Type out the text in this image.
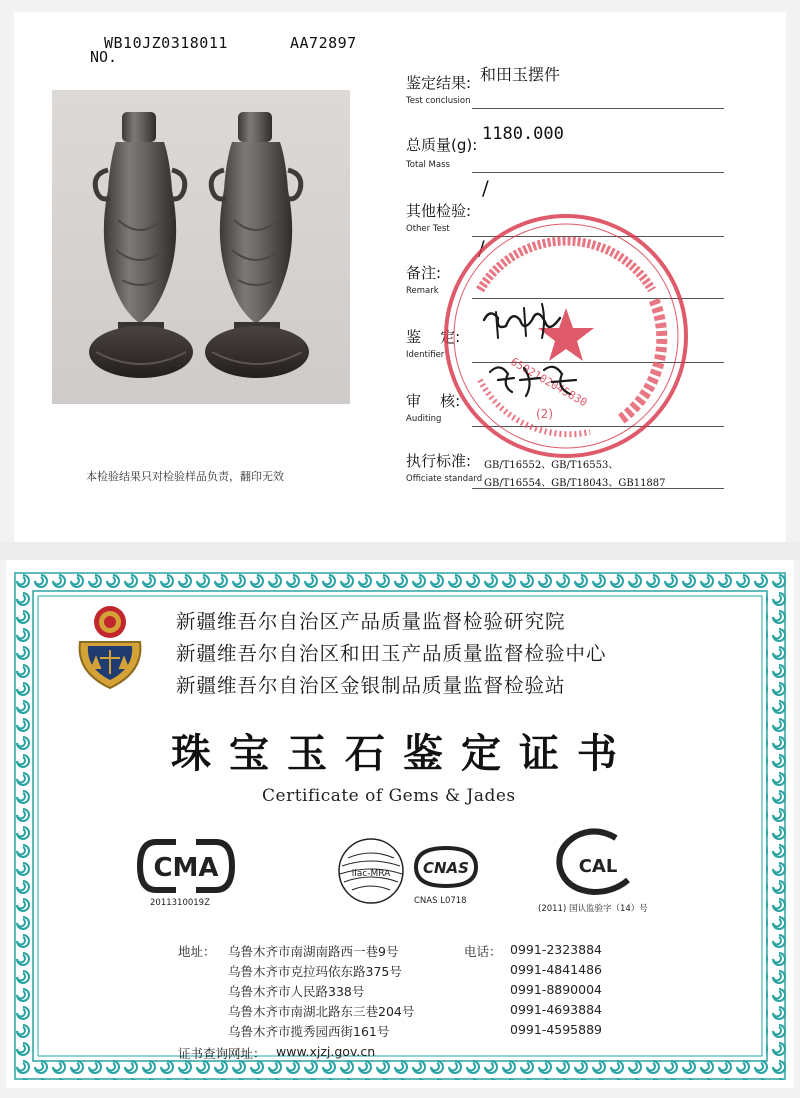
WB10JZ0318011	AA72897
NO.
本检验结果只对检验样品负责，翻印无效
鉴定结果:
Test conclusion
和田玉摆件
总质量(g):
Total Mass
1180.000
其他检验:
Other Test
/
备注:
Remark
/
鉴    定:
Identifier
审    核:
Auditing
执行标准:
Officiate standard
GB/T16552、GB/T16553、
GB/T16554、GB/T18043、GB11887
6502102045830
(2)
新疆维吾尔自治区产品质量监督检验研究院
新疆维吾尔自治区和田玉产品质量监督检验中心
新疆维吾尔自治区金银制品质量监督检验站
珠宝玉石鉴定证书
Certificate of Gems & Jades
CMA
2011310019Z
ilac-MRA CNAS
CNAS L0718
CAL
(2011) 国认监验字（14）号
地址： 乌鲁木齐市南湖南路西一巷9号
乌鲁木齐市克拉玛依东路375号
乌鲁木齐市人民路338号
乌鲁木齐市南湖北路东三巷204号
乌鲁木齐市揽秀园西街161号
电话： 0991-2323884
0991-4841486
0991-8890004
0991-4693884
0991-4595889
证书查询网址： www.xjzj.gov.cn
